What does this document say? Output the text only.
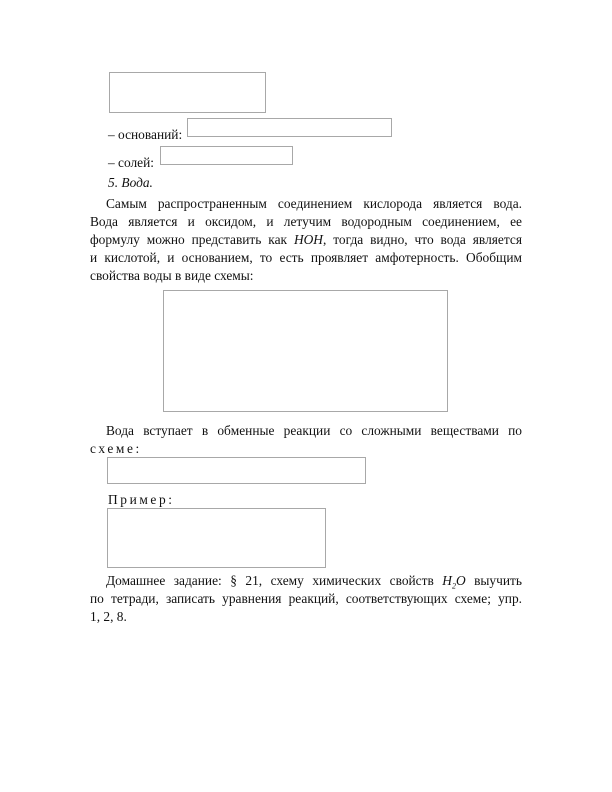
– оснований:
– солей:
5. Вода.
Самым распространенным соединением кислорода является вода.
Вода является и оксидом, и летучим водородным соединением, ее
формулу можно представить как HOH, тогда видно, что вода является
и кислотой, и основанием, то есть проявляет амфотерность. Обобщим
свойства воды в виде схемы:
Вода вступает в обменные реакции со сложными веществами по
схеме:
Пример:
Домашнее задание: § 21, схему химических свойств $H_2O$ выучить
по тетради, записать уравнения реакций, соответствующих схеме; упр.
1, 2, 8.
